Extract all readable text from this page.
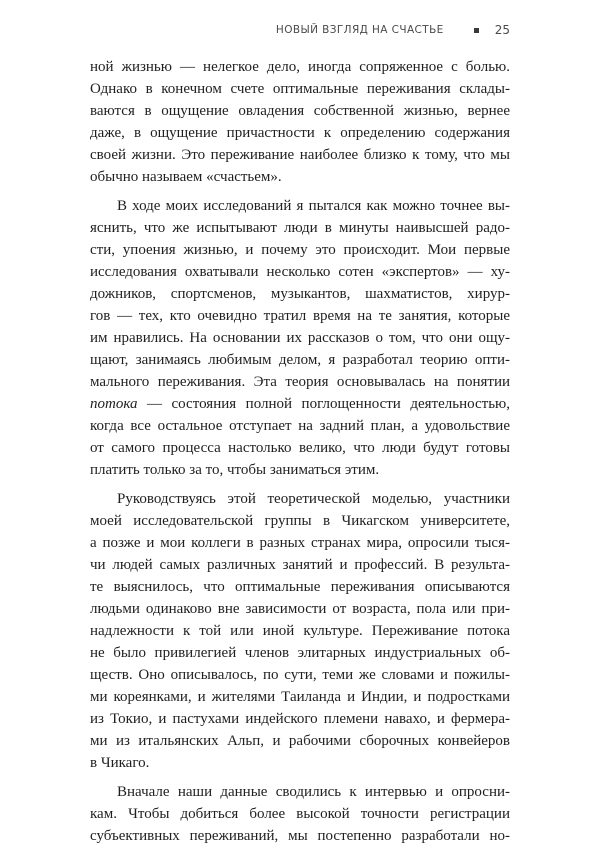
НОВЫЙ ВЗГЛЯД НА СЧАСТЬЕ	25
ной жизнью — нелегкое дело, иногда сопряженное с болью.
Однако в конечном счете оптимальные переживания склады-
ваются в ощущение овладения собственной жизнью, вернее
даже, в ощущение причастности к определению содержания
своей жизни. Это переживание наиболее близко к тому, что мы
обычно называем «счастьем».
В ходе моих исследований я пытался как можно точнее вы-
яснить, что же испытывают люди в минуты наивысшей радо-
сти, упоения жизнью, и почему это происходит. Мои первые
исследования охватывали несколько сотен «экспертов» — ху-
дожников, спортсменов, музыкантов, шахматистов, хирур-
гов — тех, кто очевидно тратил время на те занятия, которые
им нравились. На основании их рассказов о том, что они ощу-
щают, занимаясь любимым делом, я разработал теорию опти-
мального переживания. Эта теория основывалась на понятии
потока — состояния полной поглощенности деятельностью,
когда все остальное отступает на задний план, а удовольствие
от самого процесса настолько велико, что люди будут готовы
платить только за то, чтобы заниматься этим.
Руководствуясь этой теоретической моделью, участники
моей исследовательской группы в Чикагском университете,
а позже и мои коллеги в разных странах мира, опросили тыся-
чи людей самых различных занятий и профессий. В результа-
те выяснилось, что оптимальные переживания описываются
людьми одинаково вне зависимости от возраста, пола или при-
надлежности к той или иной культуре. Переживание потока
не было привилегией членов элитарных индустриальных об-
ществ. Оно описывалось, по сути, теми же словами и пожилы-
ми кореянками, и жителями Таиланда и Индии, и подростками
из Токио, и пастухами индейского племени навахо, и фермера-
ми из итальянских Альп, и рабочими сборочных конвейеров
в Чикаго.
Вначале наши данные сводились к интервью и опросни-
кам. Чтобы добиться более высокой точности регистрации
субъективных переживаний, мы постепенно разработали но-
